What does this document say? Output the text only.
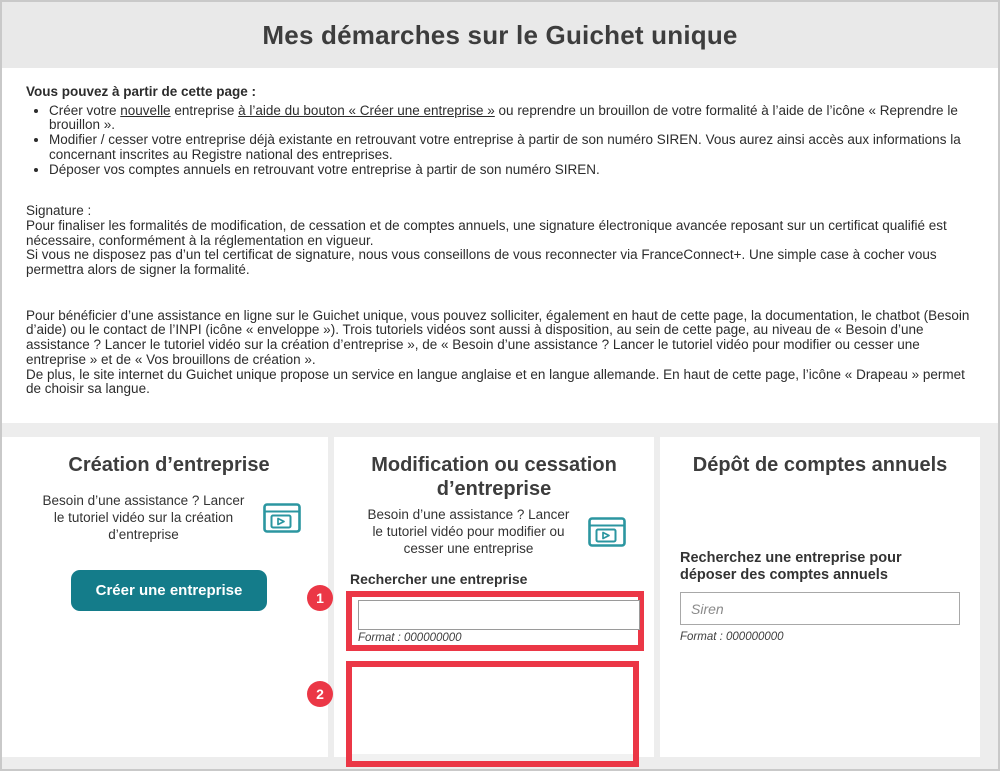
Mes démarches sur le Guichet unique

Vous pouvez à partir de cette page :

• Créer votre nouvelle entreprise à l’aide du bouton « Créer une entreprise » ou reprendre un brouillon de votre formalité à l’aide de l’icône « Reprendre le brouillon ».
• Modifier / cesser votre entreprise déjà existante en retrouvant votre entreprise à partir de son numéro SIREN. Vous aurez ainsi accès aux informations la concernant inscrites au Registre national des entreprises.
• Déposer vos comptes annuels en retrouvant votre entreprise à partir de son numéro SIREN.

Signature :

Pour finaliser les formalités de modification, de cessation et de comptes annuels, une signature électronique avancée reposant sur un certificat qualifié est nécessaire, conformément à la réglementation en vigueur.

Si vous ne disposez pas d’un tel certificat de signature, nous vous conseillons de vous reconnecter via FranceConnect+. Une simple case à cocher vous permettra alors de signer la formalité.

Pour bénéficier d’une assistance en ligne sur le Guichet unique, vous pouvez solliciter, également en haut de cette page, la documentation, le chatbot (Besoin d’aide) ou le contact de l’INPI (icône « enveloppe »). Trois tutoriels vidéos sont aussi à disposition, au sein de cette page, au niveau de « Besoin d’une assistance ? Lancer le tutoriel vidéo sur la création d’entreprise », de « Besoin d’une assistance ? Lancer le tutoriel vidéo pour modifier ou cesser une entreprise » et de « Vos brouillons de création ».

De plus, le site internet du Guichet unique propose un service en langue anglaise et en langue allemande. En haut de cette page, l’icône « Drapeau » permet de choisir sa langue.

Création d’entreprise
Besoin d’une assistance ? Lancer le tutoriel vidéo sur la création d’entreprise
Créer une entreprise
Modification ou cessation d’entreprise
Besoin d’une assistance ? Lancer le tutoriel vidéo pour modifier ou cesser une entreprise
Rechercher une entreprise
Format : 000000000
1
2
Dépôt de comptes annuels
Recherchez une entreprise pour déposer des comptes annuels
Siren
Format : 000000000
